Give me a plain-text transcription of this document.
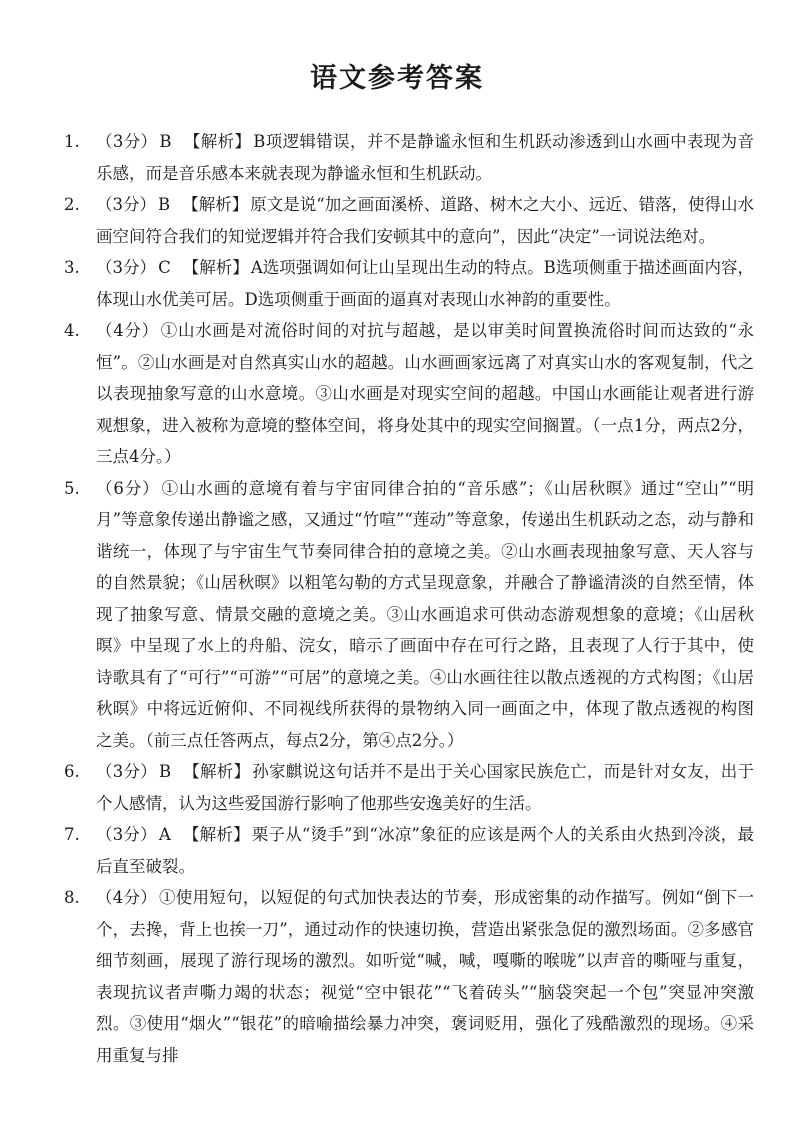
语文参考答案
1. （3分） B 【解析】 B项逻辑错误，并不是静谧永恒和生机跃动渗透到山水画中表现为音乐感，而是音乐感本来就表现为静谧永恒和生机跃动。

2. （3分） B 【解析】 原文是说“加之画面溪桥、道路、树木之大小、远近、错落，使得山水画空间符合我们的知觉逻辑并符合我们安顿其中的意向”，因此“决定”一词说法绝对。

3. （3分） C 【解析】 A选项强调如何让山呈现出生动的特点。B选项侧重于描述画面内容，体现山水优美可居。D选项侧重于画面的逼真对表现山水神韵的重要性。

4. （4分） ①山水画是对流俗时间的对抗与超越，是以审美时间置换流俗时间而达致的“永恒”。②山水画是对自然真实山水的超越。山水画画家远离了对真实山水的客观复制，代之以表现抽象写意的山水意境。③山水画是对现实空间的超越。中国山水画能让观者进行游观想象，进入被称为意境的整体空间，将身处其中的现实空间搁置。（一点1分，两点2分，三点4分。）

5. （6分） ①山水画的意境有着与宇宙同律合拍的“音乐感”；《山居秋暝》通过“空山”“明月”等意象传递出静谧之感，又通过“竹喧”“莲动”等意象，传递出生机跃动之态，动与静和谐统一，体现了与宇宙生气节奏同律合拍的意境之美。②山水画表现抽象写意、天人容与的自然景貌；《山居秋暝》以粗笔勾勒的方式呈现意象，并融合了静谧清淡的自然至情，体现了抽象写意、情景交融的意境之美。③山水画追求可供动态游观想象的意境；《山居秋暝》中呈现了水上的舟船、浣女，暗示了画面中存在可行之路，且表现了人行于其中，使诗歌具有了“可行”“可游”“可居”的意境之美。④山水画往往以散点透视的方式构图；《山居秋暝》中将远近俯仰、不同视线所获得的景物纳入同一画面之中，体现了散点透视的构图之美。（前三点任答两点，每点2分，第④点2分。）

6. （3分） B 【解析】 孙家麒说这句话并不是出于关心国家民族危亡，而是针对女友，出于个人感情，认为这些爱国游行影响了他那些安逸美好的生活。

7. （3分） A 【解析】 栗子从“烫手”到“冰凉”象征的应该是两个人的关系由火热到冷淡，最后直至破裂。

8. （4分） ①使用短句，以短促的句式加快表达的节奏，形成密集的动作描写。例如“倒下一个，去搀，背上也挨一刀”，通过动作的快速切换，营造出紧张急促的激烈场面。②多感官细节刻画，展现了游行现场的激烈。如听觉“喊，喊，嘎嘶的喉咙”以声音的嘶哑与重复，表现抗议者声嘶力竭的状态；视觉“空中银花”“飞着砖头”“脑袋突起一个包”突显冲突激烈。③使用“烟火”“银花”的暗喻描绘暴力冲突，褒词贬用，强化了残酷激烈的现场。④采用重复与排
